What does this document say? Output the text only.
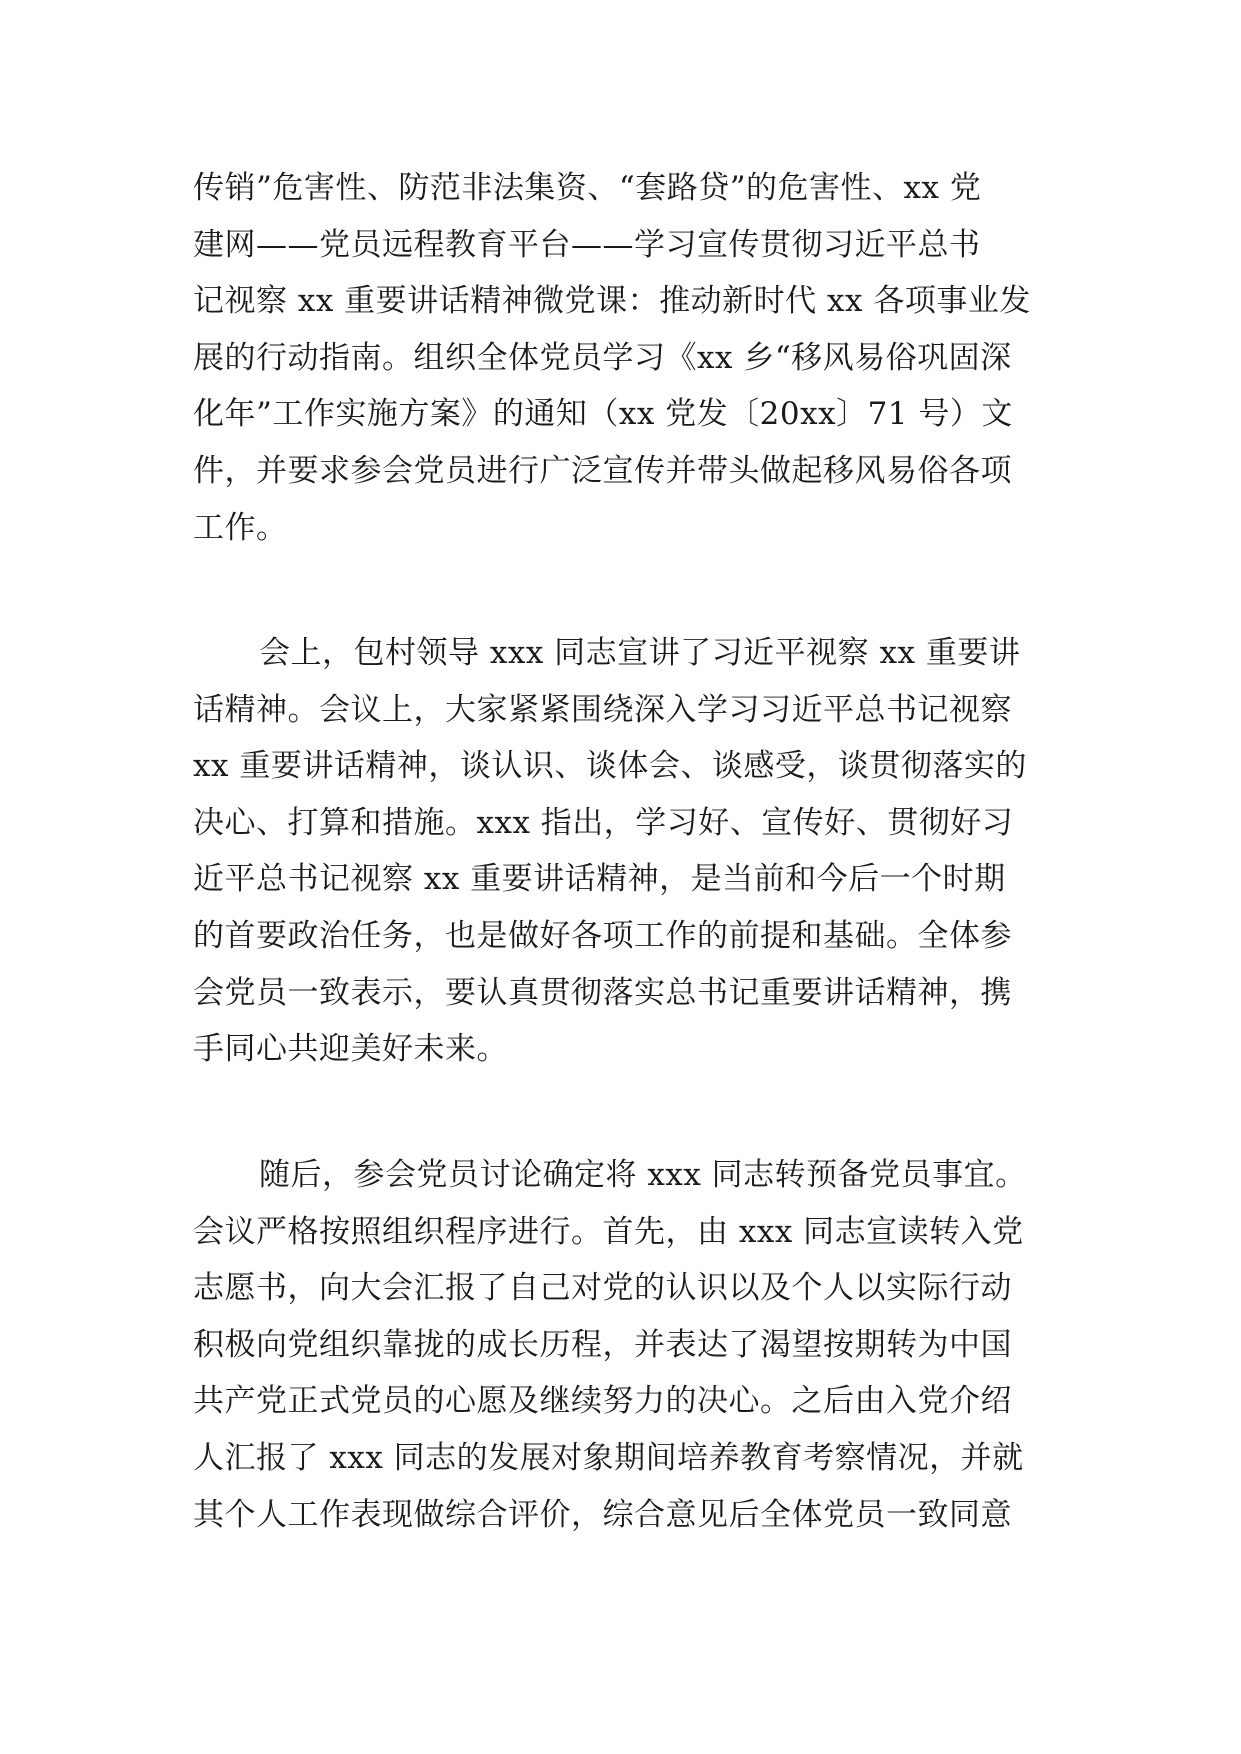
传销”危害性、防范非法集资、“套路贷”的危害性、xx 党
建网——党员远程教育平台——学习宣传贯彻习近平总书
记视察 xx 重要讲话精神微党课：推动新时代 xx 各项事业发
展的行动指南。组织全体党员学习《xx 乡“移风易俗巩固深
化年”工作实施方案》的通知（xx 党发〔20xx〕71 号）文
件，并要求参会党员进行广泛宣传并带头做起移风易俗各项
工作。
会上，包村领导 xxx 同志宣讲了习近平视察 xx 重要讲
话精神。会议上，大家紧紧围绕深入学习习近平总书记视察
xx 重要讲话精神，谈认识、谈体会、谈感受，谈贯彻落实的
决心、打算和措施。xxx 指出，学习好、宣传好、贯彻好习
近平总书记视察 xx 重要讲话精神，是当前和今后一个时期
的首要政治任务，也是做好各项工作的前提和基础。全体参
会党员一致表示，要认真贯彻落实总书记重要讲话精神，携
手同心共迎美好未来。
随后，参会党员讨论确定将 xxx 同志转预备党员事宜。
会议严格按照组织程序进行。首先，由 xxx 同志宣读转入党
志愿书，向大会汇报了自己对党的认识以及个人以实际行动
积极向党组织靠拢的成长历程，并表达了渴望按期转为中国
共产党正式党员的心愿及继续努力的决心。之后由入党介绍
人汇报了 xxx 同志的发展对象期间培养教育考察情况，并就
其个人工作表现做综合评价，综合意见后全体党员一致同意
